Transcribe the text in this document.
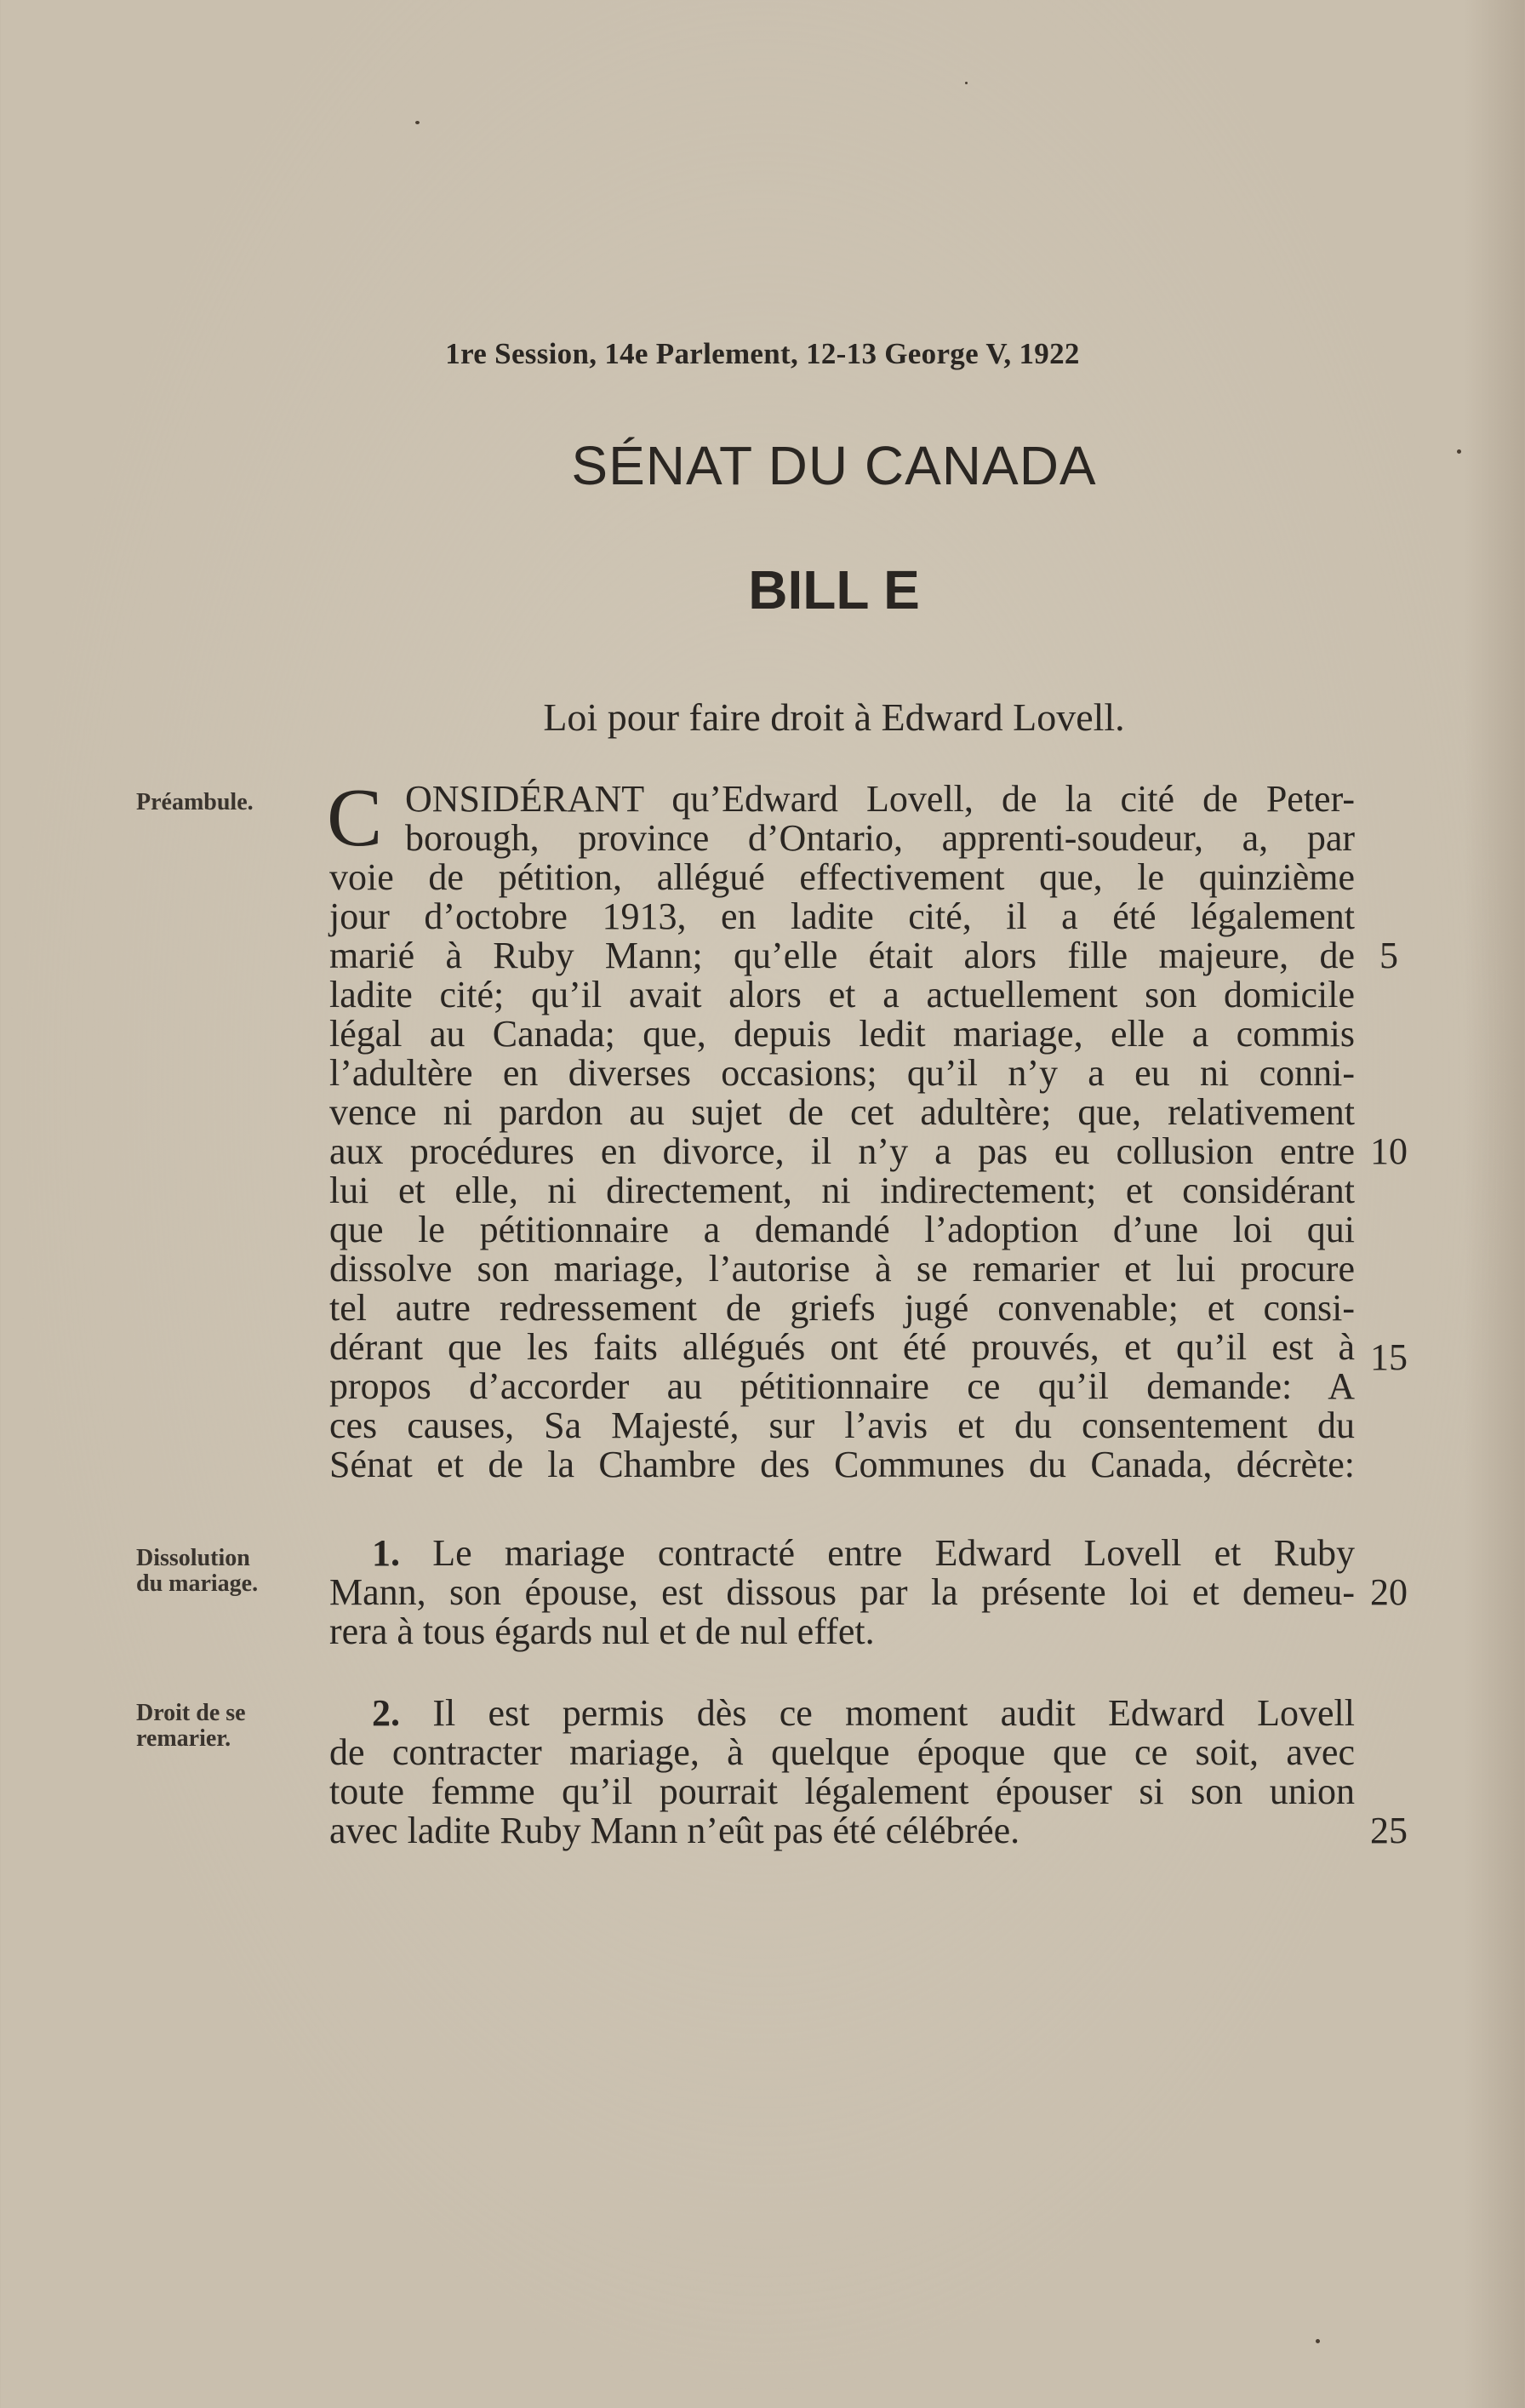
1re Session, 14e Parlement, 12-13 George V, 1922
SÉNAT DU CANADA
BILL E
Loi pour faire droit à Edward Lovell.
Préambule.
Dissolution
du mariage.
Droit de se
remarier.
C ONSIDÉRANT qu’Edward Lovell, de la cité de Peter-
borough, province d’Ontario, apprenti-soudeur, a, par
voie de pétition, allégué effectivement que, le quinzième
jour d’octobre 1913, en ladite cité, il a été légalement
marié à Ruby Mann; qu’elle était alors fille majeure, de
ladite cité; qu’il avait alors et a actuellement son domicile
légal au Canada; que, depuis ledit mariage, elle a commis
l’adultère en diverses occasions; qu’il n’y a eu ni conni-
vence ni pardon au sujet de cet adultère; que, relativement
aux procédures en divorce, il n’y a pas eu collusion entre
lui et elle, ni directement, ni indirectement; et considérant
que le pétitionnaire a demandé l’adoption d’une loi qui
dissolve son mariage, l’autorise à se remarier et lui procure
tel autre redressement de griefs jugé convenable; et consi-
dérant que les faits allégués ont été prouvés, et qu’il est à
propos d’accorder au pétitionnaire ce qu’il demande: A
ces causes, Sa Majesté, sur l’avis et du consentement du
Sénat et de la Chambre des Communes du Canada, décrète:
1. Le mariage contracté entre Edward Lovell et Ruby
Mann, son épouse, est dissous par la présente loi et demeu-
rera à tous égards nul et de nul effet.
2. Il est permis dès ce moment audit Edward Lovell
de contracter mariage, à quelque époque que ce soit, avec
toute femme qu’il pourrait légalement épouser si son union
avec ladite Ruby Mann n’eût pas été célébrée.
5
10
15
20
25
